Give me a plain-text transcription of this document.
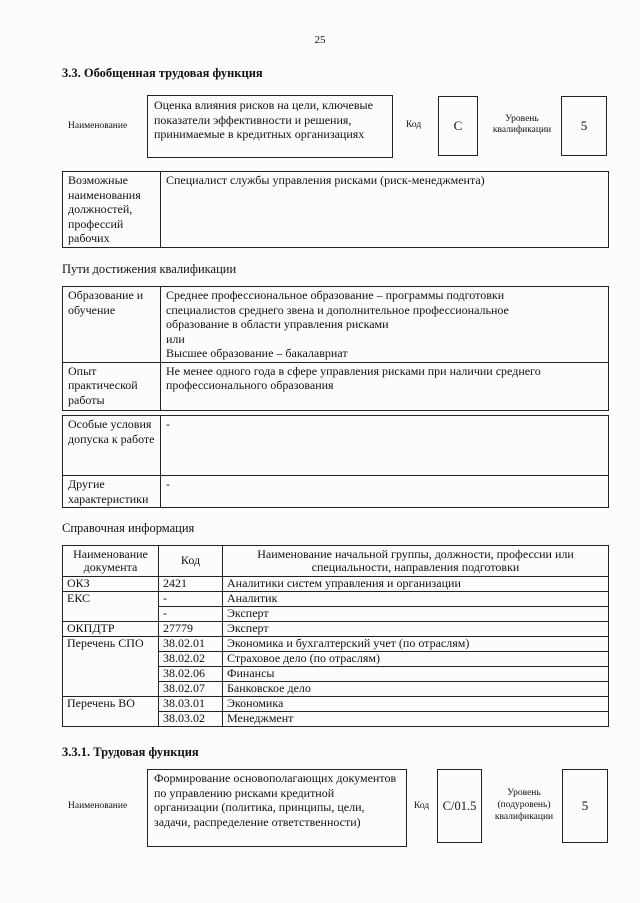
25
3.3. Обобщенная трудовая функция
Наименование
Оценка влияния рисков на цели, ключевые показатели эффективности и решения, принимаемые в кредитных организациях
Код	C	Уровень квалификации	5
Возможные наименования должностей, профессий рабочих	Специалист службы управления рисками (риск-менеджмента)
Пути достижения квалификации
Образование и обучение	Среднее профессиональное образование – программы подготовки
специалистов среднего звена и дополнительное профессиональное
образование в области управления рисками
или
Высшее образование – бакалавриат

Опыт практической работы	Не менее одного года в сфере управления рисками при наличии среднего профессионального образования
Особые условия допуска к работе	-
Другие характеристики	-
Справочная информация
Наименование документа	Код	Наименование начальной группы, должности, профессии или специальности, направления подготовки
ОКЗ	2421	Аналитики систем управления и организации
ЕКС	-	Аналитик
	-	Эксперт
ОКПДТР	27779	Эксперт
Перечень СПО	38.02.01	Экономика и бухгалтерский учет (по отраслям)
	38.02.02	Страховое дело (по отраслям)
	38.02.06	Финансы
	38.02.07	Банковское дело
Перечень ВО	38.03.01	Экономика
	38.03.02	Менеджмент
3.3.1. Трудовая функция
Наименование
Формирование основополагающих документов по управлению рисками кредитной организации (политика, принципы, цели, задачи, распределение ответственности)
Код	C/01.5
Уровень (подуровень) квалификации
5
